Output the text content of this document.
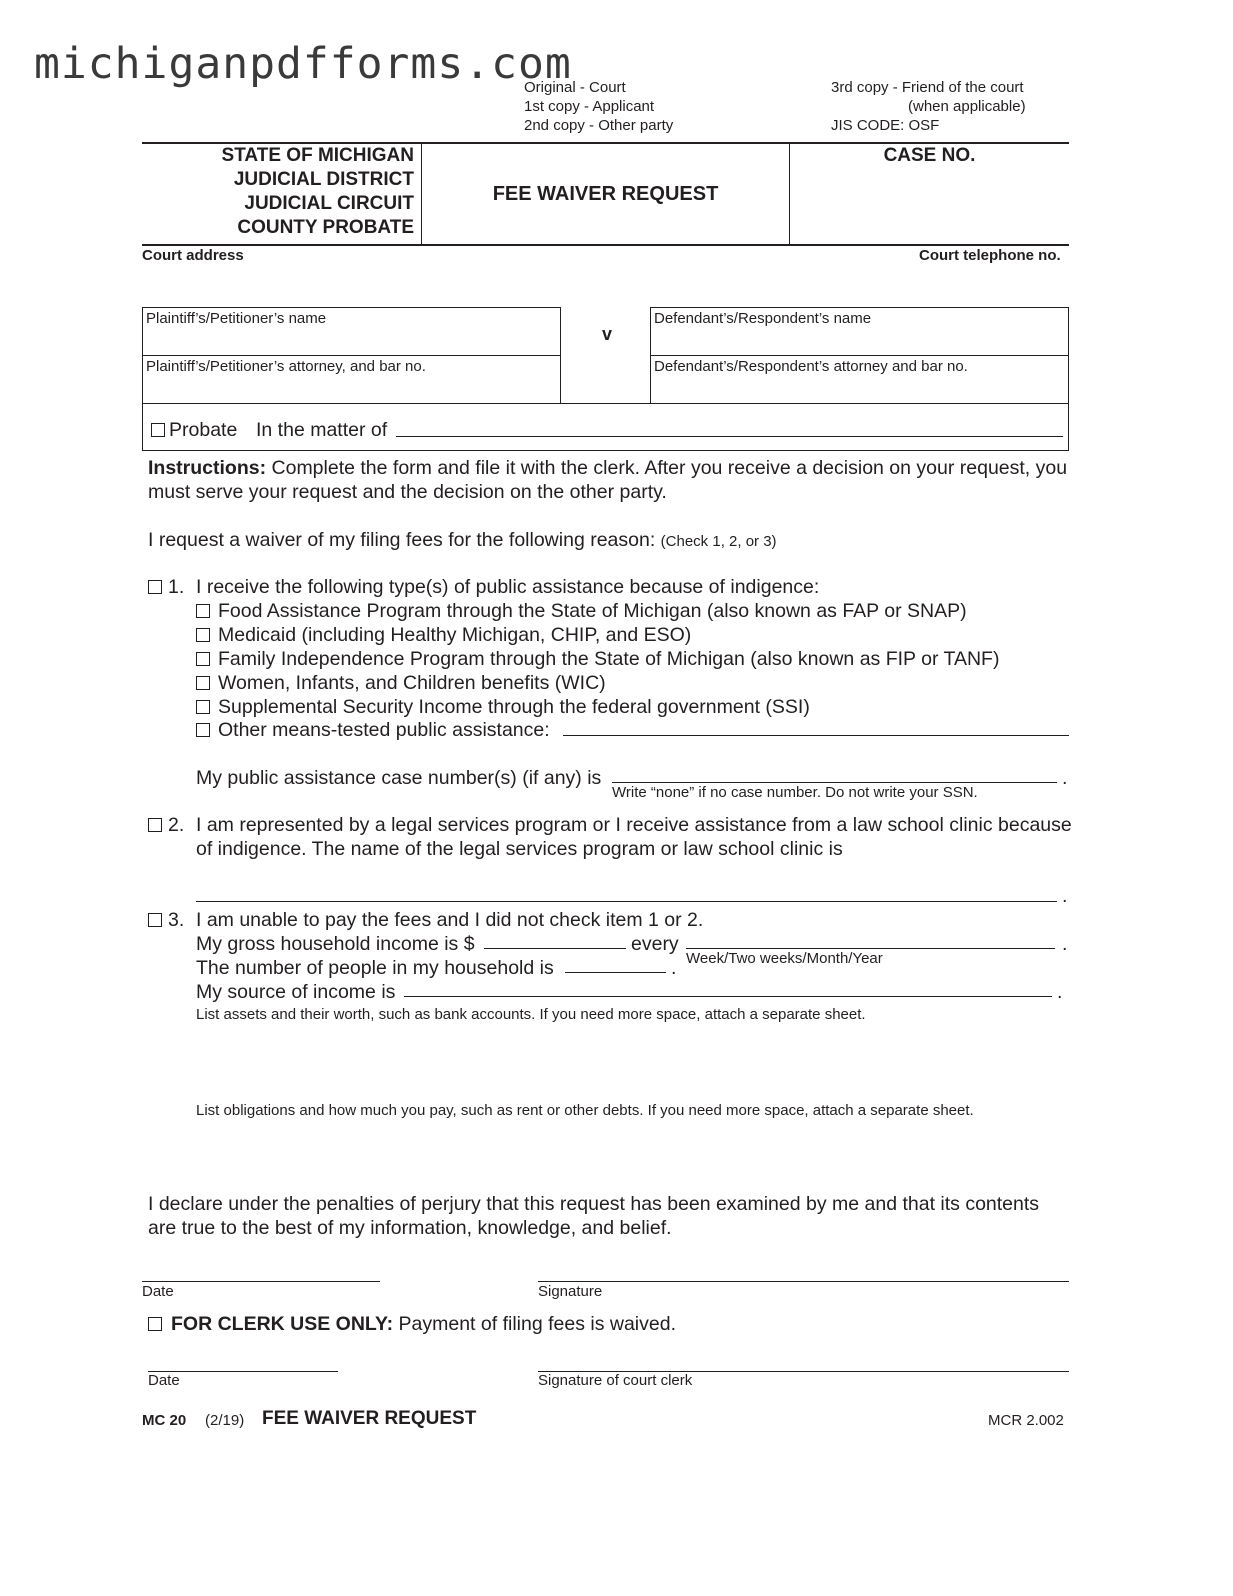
michiganpdfforms.com
Original - Court
1st copy - Applicant
2nd copy - Other party
3rd copy - Friend of the court
(when applicable)
JIS CODE: OSF
STATE OF MICHIGAN
JUDICIAL DISTRICT
JUDICIAL CIRCUIT
COUNTY PROBATE
FEE WAIVER REQUEST
CASE NO.
Court address	Court telephone no.
Plaintiff’s/Petitioner’s name
Plaintiff’s/Petitioner’s attorney, and bar no.
v
Defendant’s/Respondent’s name
Defendant’s/Respondent’s attorney and bar no.
Probate In the matter of
Instructions: Complete the form and file it with the clerk. After you receive a decision on your request, you
must serve your request and the decision on the other party.
I request a waiver of my filing fees for the following reason: (Check 1, 2, or 3)
1. I receive the following type(s) of public assistance because of indigence:
Food Assistance Program through the State of Michigan (also known as FAP or SNAP)
Medicaid (including Healthy Michigan, CHIP, and ESO)
Family Independence Program through the State of Michigan (also known as FIP or TANF)
Women, Infants, and Children benefits (WIC)
Supplemental Security Income through the federal government (SSI)
Other means-tested public assistance:
My public assistance case number(s) (if any) is	.
Write “none” if no case number. Do not write your SSN.
2. I am represented by a legal services program or I receive assistance from a law school clinic because
of indigence. The name of the legal services program or law school clinic is
.
3. I am unable to pay the fees and I did not check item 1 or 2.
My gross household income is $	every	.
Week/Two weeks/Month/Year
The number of people in my household is	.
My source of income is	.
List assets and their worth, such as bank accounts. If you need more space, attach a separate sheet.
List obligations and how much you pay, such as rent or other debts. If you need more space, attach a separate sheet.
I declare under the penalties of perjury that this request has been examined by me and that its contents
are true to the best of my information, knowledge, and belief.
Date	Signature
FOR CLERK USE ONLY: Payment of filing fees is waived.
Date	Signature of court clerk
MC 20 (2/19) FEE WAIVER REQUEST	MCR 2.002
